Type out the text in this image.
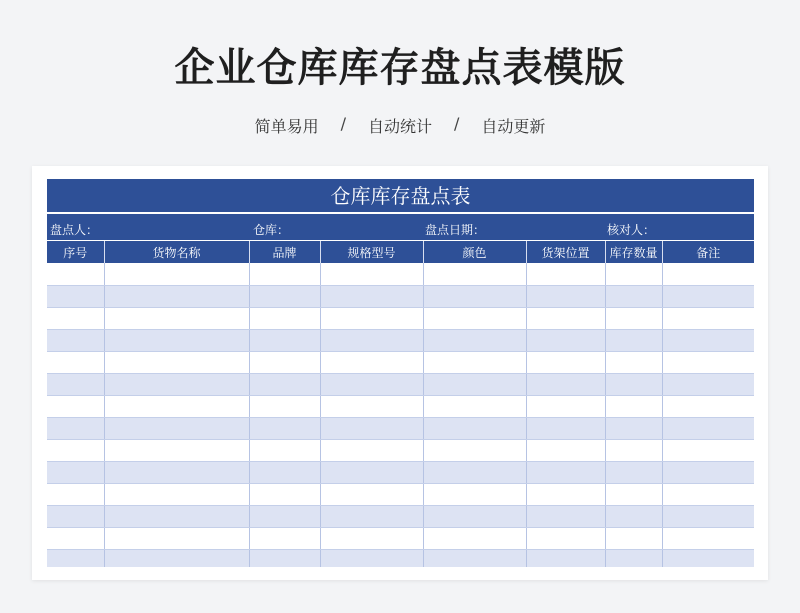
企业仓库库存盘点表模版
简单易用 / 自动统计 / 自动更新
仓库库存盘点表
盘点人：	仓库：	盘点日期：	核对人：
序号	货物名称	品牌	规格型号	颜色	货架位置	库存数量	备注
